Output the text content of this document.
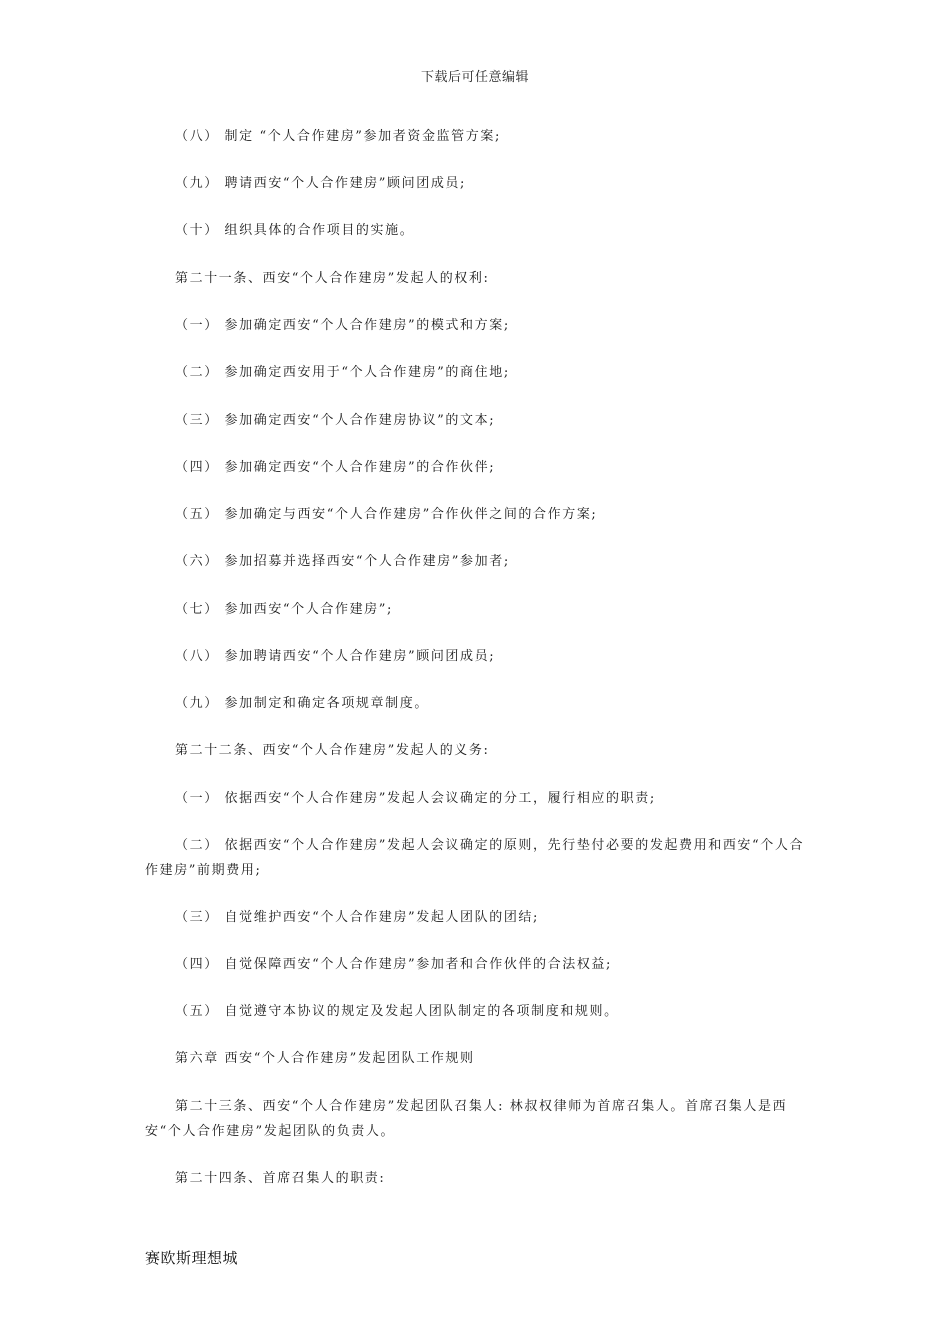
下载后可任意编辑
（八） 制定 “个人合作建房”参加者资金监管方案;
（九） 聘请西安“个人合作建房”顾问团成员;
（十） 组织具体的合作项目的实施。
第二十一条、西安“个人合作建房”发起人的权利:
（一） 参加确定西安“个人合作建房”的模式和方案;
（二） 参加确定西安用于“个人合作建房”的商住地;
（三） 参加确定西安“个人合作建房协议”的文本;
（四） 参加确定西安“个人合作建房”的合作伙伴;
（五） 参加确定与西安“个人合作建房”合作伙伴之间的合作方案;
（六） 参加招募并选择西安“个人合作建房”参加者;
（七） 参加西安“个人合作建房”;
（八） 参加聘请西安“个人合作建房”顾问团成员;
（九） 参加制定和确定各项规章制度。
第二十二条、西安“个人合作建房”发起人的义务:
（一） 依据西安“个人合作建房”发起人会议确定的分工，履行相应的职责;
（二） 依据西安“个人合作建房”发起人会议确定的原则，先行垫付必要的发起费用和西安“个人合作建房”前期费用;
（三） 自觉维护西安“个人合作建房”发起人团队的团结;
（四） 自觉保障西安“个人合作建房”参加者和合作伙伴的合法权益;
（五） 自觉遵守本协议的规定及发起人团队制定的各项制度和规则。
第六章 西安“个人合作建房”发起团队工作规则
第二十三条、西安“个人合作建房”发起团队召集人: 林叔权律师为首席召集人。首席召集人是西安“个人合作建房”发起团队的负责人。
第二十四条、首席召集人的职责:
赛欧斯理想城
